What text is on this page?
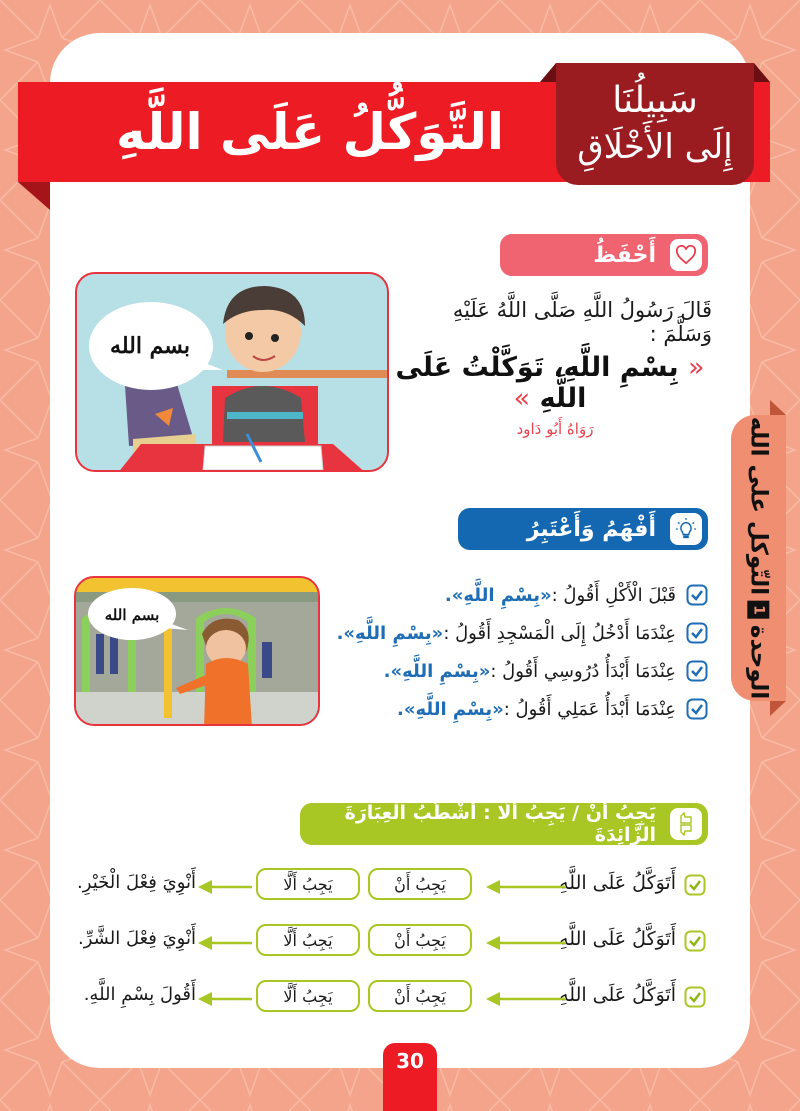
التَّوَكُّلُ عَلَى اللَّهِ
سَبِيلُنَا
إِلَى الأَخْلَاقِ
أَحْفَظُ
بسم الله
قَالَ رَسُولُ اللَّهِ صَلَّى اللَّهُ عَلَيْهِ وَسَلَّمَ :
« بِسْمِ اللَّهِ، تَوَكَّلْتُ عَلَى اللَّهِ »
رَوَاهُ أَبُو دَاود
الوحدة
1
التّوكل على الله
أَفْهَمُ وَأَعْتَبِرُ
بسم الله
قَبْلَ الْأَكْلِ أَقُولُ :
«بِسْمِ اللَّهِ».
عِنْدَمَا أَدْخُلُ إِلَى الْمَسْجِدِ أَقُولُ :
«بِسْمِ اللَّهِ».
عِنْدَمَا أَبْدَأُ دُرُوسِي أَقُولُ :
«بِسْمِ اللَّهِ».
عِنْدَمَا أَبْدَأُ عَمَلِي أَقُولُ :
«بِسْمِ اللَّهِ».
يَجِبُ أَنْ / يَجِبُ أَلَّا : أَشْطُبُ الْعِبَارَةَ الزَّائِدَةَ
أَتَوَكَّلُ عَلَى اللَّهِ
يَجِبُ أَنْ
يَجِبُ أَلَّا
أَنْوِيَ فِعْلَ الْخَيْرِ.
أَتَوَكَّلُ عَلَى اللَّهِ
يَجِبُ أَنْ
يَجِبُ أَلَّا
أَنْوِيَ فِعْلَ الشَّرِّ.
أَتَوَكَّلُ عَلَى اللَّهِ
يَجِبُ أَنْ
يَجِبُ أَلَّا
أَقُولَ بِسْمِ اللَّهِ.
30
